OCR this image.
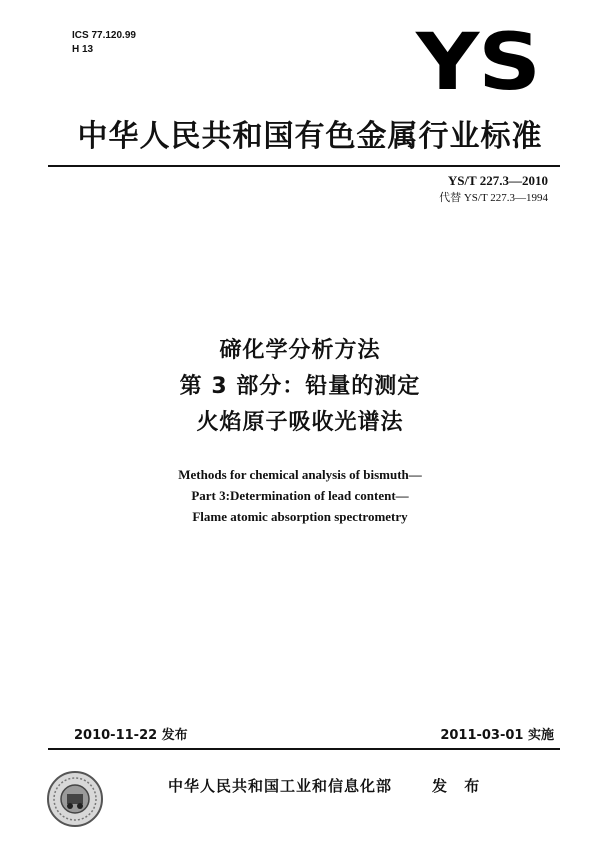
ICS 77.120.99
H 13	YS
中华人民共和国有色金属行业标准
YS/T 227.3—2010
代替 YS/T 227.3—1994
碲化学分析方法
第 3 部分：铅量的测定
火焰原子吸收光谱法
Methods for chemical analysis of bismuth—
Part 3:Determination of lead content—
Flame atomic absorption spectrometry
2010-11-22 发布	2011-03-01 实施
中华人民共和国工业和信息化部	发 布
